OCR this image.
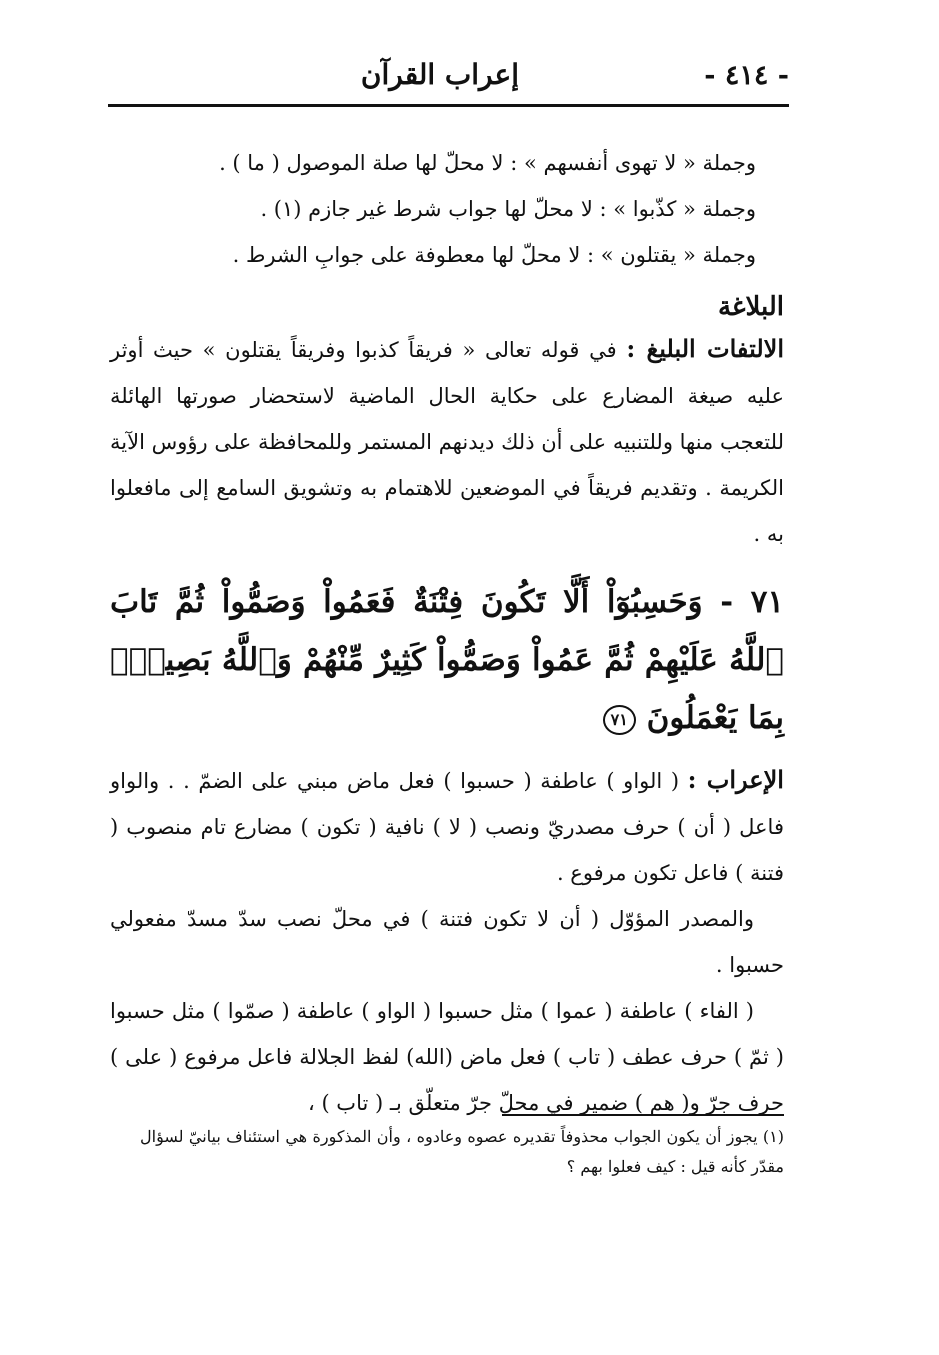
- ٤١٤ -
إعراب القرآن
وجملة « لا تهوى أنفسهم » : لا محلّ لها صلة الموصول ( ما ) .
وجملة « كذّبوا » : لا محلّ لها جواب شرط غير جازم (١) .
وجملة « يقتلون » : لا محلّ لها معطوفة على جوابِ الشرط .
البلاغة

الالتفات البليغ : في قوله تعالى « فريقاً كذبوا وفريقاً يقتلون » حيث أوثر عليه صيغة المضارع على حكاية الحال الماضية لاستحضار صورتها الهائلة للتعجب منها وللتنبيه على أن ذلك ديدنهم المستمر وللمحافظة على رؤوس الآية الكريمة . وتقديم فريقاً في الموضعين للاهتمام به وتشويق السامع إلى مافعلوا به .

٧١ - وَحَسِبُوٓاْ أَلَّا تَكُونَ فِتْنَةٌ فَعَمُواْ وَصَمُّواْ ثُمَّ تَابَ ٱللَّهُ عَلَيْهِمْ ثُمَّ عَمُواْ وَصَمُّواْ كَثِيرٌ مِّنْهُمْ وَٱللَّهُ بَصِيرٌۢ بِمَا يَعْمَلُونَ ٧١

الإعراب : ( الواو ) عاطفة ( حسبوا ) فعل ماض مبني على الضمّ . . والواو فاعل ( أن ) حرف مصدريّ ونصب ( لا ) نافية ( تكون ) مضارع تام منصوب ( فتنة ) فاعل تكون مرفوع .

والمصدر المؤوّل ( أن لا تكون فتنة ) في محلّ نصب سدّ مسدّ مفعولي حسبوا .

( الفاء ) عاطفة ( عموا ) مثل حسبوا ( الواو ) عاطفة ( صمّوا ) مثل حسبوا ( ثمّ ) حرف عطف ( تاب ) فعل ماض (الله) لفظ الجلالة فاعل مرفوع ( على ) حرف جرّ و( هم ) ضمير في محلّ جرّ متعلّق بـ ( تاب ) ،

(١) يجوز أن يكون الجواب محذوفاً تقديره عصوه وعادوه ، وأن المذكورة هي استئناف بيانيّ لسؤال مقدّر كأنه قيل : كيف فعلوا بهم ؟
